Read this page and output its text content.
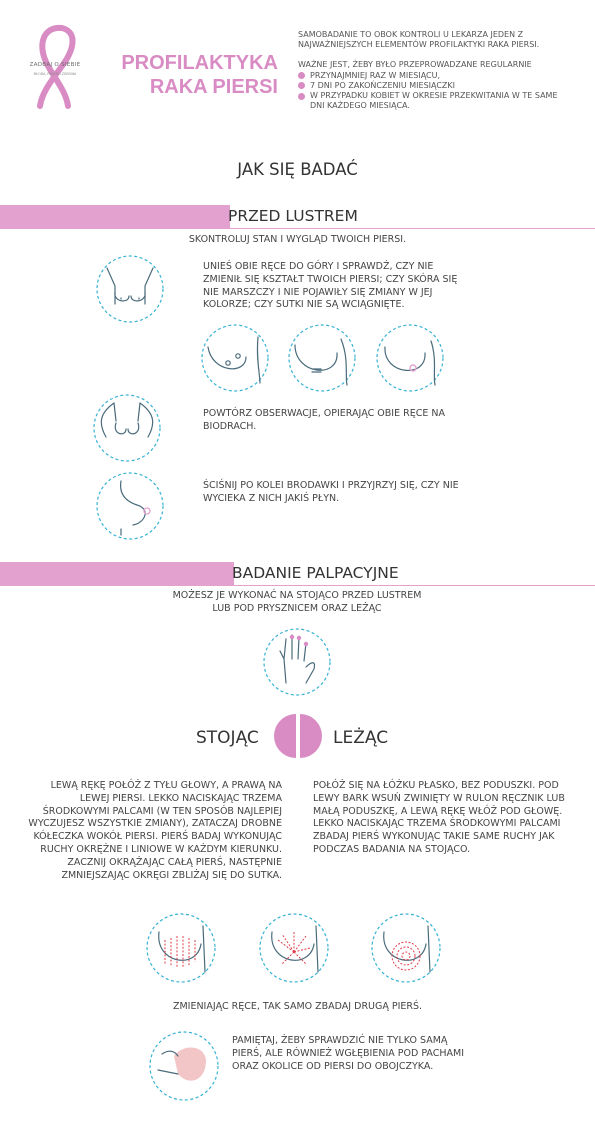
ZADBAJ O SIEBIE
MŁODA, PIĘKNA I ZDROWA	PROFILAKTYKA
RAKA PIERSI

SAMOBADANIE TO OBOK KONTROLI U LEKARZA JEDEN Z NAJWAŻNIEJSZYCH ELEMENTÓW PROFILAKTYKI RAKA PIERSI.

WAŻNE JEST, ŻEBY BYŁO PRZEPROWADZANE REGULARNIE

PRZYNAJMNIEJ RAZ W MIESIĄCU,
7 DNI PO ZAKOŃCZENIU MIESIĄCZKI
W PRZYPADKU KOBIET W OKRESIE PRZEKWITANIA W TE SAME DNI KAŻDEGO MIESIĄCA.
JAK SIĘ BADAĆ
PRZED LUSTREM
SKONTROLUJ STAN I WYGLĄD TWOICH PIERSI.
UNIEŚ OBIE RĘCE DO GÓRY I SPRAWDŹ, CZY NIE ZMIENIŁ SIĘ KSZTAŁT TWOICH PIERSI; CZY SKÓRA SIĘ NIE MARSZCZY I NIE POJAWIŁY SIĘ ZMIANY W JEJ KOLORZE; CZY SUTKI NIE SĄ WCIĄGNIĘTE.
POWTÓRZ OBSERWACJE, OPIERAJĄC OBIE RĘCE NA BIODRACH.
ŚCIŚNIJ PO KOLEI BRODAWKI I PRZYJRZYJ SIĘ, CZY NIE WYCIEKA Z NICH JAKIŚ PŁYN.
BADANIE PALPACYJNE
MOŻESZ JE WYKONAĆ NA STOJĄCO PRZED LUSTREM LUB POD PRYSZNICEM ORAZ LEŻĄC
STOJĄC	LEŻĄC
LEWĄ RĘKĘ POŁÓŻ Z TYŁU GŁOWY, A PRAWĄ NA LEWEJ PIERSI. LEKKO NACISKAJĄC TRZEMA ŚRODKOWYMI PALCAMI (W TEN SPOSÓB NAJLEPIEJ WYCZUJESZ WSZYSTKIE ZMIANY), ZATACZAJ DROBNE KÓŁECZKA WOKÓŁ PIERSI. PIERŚ BADAJ WYKONUJĄC RUCHY OKRĘŻNE I LINIOWE W KAŻDYM KIERUNKU. ZACZNIJ OKRĄŻAJĄC CAŁĄ PIERŚ, NASTĘPNIE ZMNIEJSZAJĄC OKRĘGI ZBLIŻAJ SIĘ DO SUTKA.
POŁÓŻ SIĘ NA ŁÓŻKU PŁASKO, BEZ PODUSZKI. POD LEWY BARK WSUŃ ZWINIĘTY W RULON RĘCZNIK LUB MAŁĄ PODUSZKĘ, A LEWĄ RĘKĘ WŁÓŻ POD GŁOWĘ. LEKKO NACISKAJĄC TRZEMA ŚRODKOWYMI PALCAMI ZBADAJ PIERŚ WYKONUJĄC TAKIE SAME RUCHY JAK PODCZAS BADANIA NA STOJĄCO.
ZMIENIAJĄC RĘCE, TAK SAMO ZBADAJ DRUGĄ PIERŚ.
PAMIĘTAJ, ŻEBY SPRAWDZIĆ NIE TYLKO SAMĄ PIERŚ, ALE RÓWNIEŻ WGŁĘBIENIA POD PACHAMI ORAZ OKOLICE OD PIERSI DO OBOJCZYKA.
